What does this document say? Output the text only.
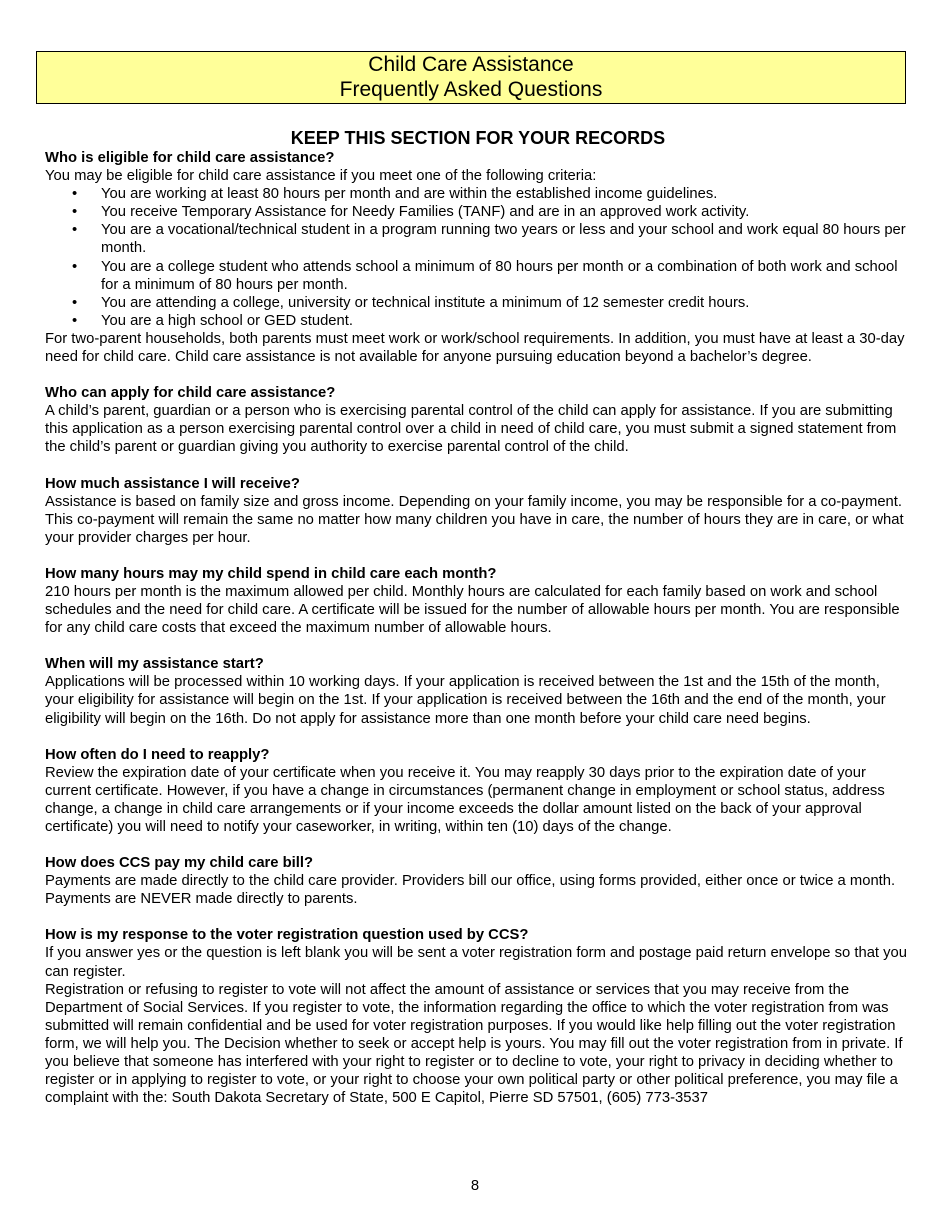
Child Care Assistance
Frequently Asked Questions
KEEP THIS SECTION FOR YOUR RECORDS
Who is eligible for child care assistance?
You may be eligible for child care assistance if you meet one of the following criteria:
• You are working at least 80 hours per month and are within the established income guidelines.
• You receive Temporary Assistance for Needy Families (TANF) and are in an approved work activity.
• You are a vocational/technical student in a program running two years or less and your school and work equal 80 hours per month.
• You are a college student who attends school a minimum of 80 hours per month or a combination of both work and school for a minimum of 80 hours per month.
• You are attending a college, university or technical institute a minimum of 12 semester credit hours.
• You are a high school or GED student.
For two-parent households, both parents must meet work or work/school requirements. In addition, you must have at least a 30-day need for child care. Child care assistance is not available for anyone pursuing education beyond a bachelor’s degree.
Who can apply for child care assistance?
A child’s parent, guardian or a person who is exercising parental control of the child can apply for assistance. If you are submitting this application as a person exercising parental control over a child in need of child care, you must submit a signed statement from the child’s parent or guardian giving you authority to exercise parental control of the child.
How much assistance I will receive?
Assistance is based on family size and gross income. Depending on your family income, you may be responsible for a co-payment. This co-payment will remain the same no matter how many children you have in care, the number of hours they are in care, or what your provider charges per hour.
How many hours may my child spend in child care each month?
210 hours per month is the maximum allowed per child. Monthly hours are calculated for each family based on work and school schedules and the need for child care. A certificate will be issued for the number of allowable hours per month. You are responsible for any child care costs that exceed the maximum number of allowable hours.
When will my assistance start?
Applications will be processed within 10 working days. If your application is received between the 1st and the 15th of the month, your eligibility for assistance will begin on the 1st. If your application is received between the 16th and the end of the month, your eligibility will begin on the 16th. Do not apply for assistance more than one month before your child care need begins.
How often do I need to reapply?
Review the expiration date of your certificate when you receive it. You may reapply 30 days prior to the expiration date of your current certificate. However, if you have a change in circumstances (permanent change in employment or school status, address change, a change in child care arrangements or if your income exceeds the dollar amount listed on the back of your approval certificate) you will need to notify your caseworker, in writing, within ten (10) days of the change.
How does CCS pay my child care bill?
Payments are made directly to the child care provider. Providers bill our office, using forms provided, either once or twice a month. Payments are NEVER made directly to parents.
How is my response to the voter registration question used by CCS?
If you answer yes or the question is left blank you will be sent a voter registration form and postage paid return envelope so that you can register.
Registration or refusing to register to vote will not affect the amount of assistance or services that you may receive from the Department of Social Services. If you register to vote, the information regarding the office to which the voter registration from was submitted will remain confidential and be used for voter registration purposes. If you would like help filling out the voter registration form, we will help you. The Decision whether to seek or accept help is yours. You may fill out the voter registration from in private. If you believe that someone has interfered with your right to register or to decline to vote, your right to privacy in deciding whether to register or in applying to register to vote, or your right to choose your own political party or other political preference, you may file a complaint with the: South Dakota Secretary of State, 500 E Capitol, Pierre SD 57501, (605) 773-3537
8
